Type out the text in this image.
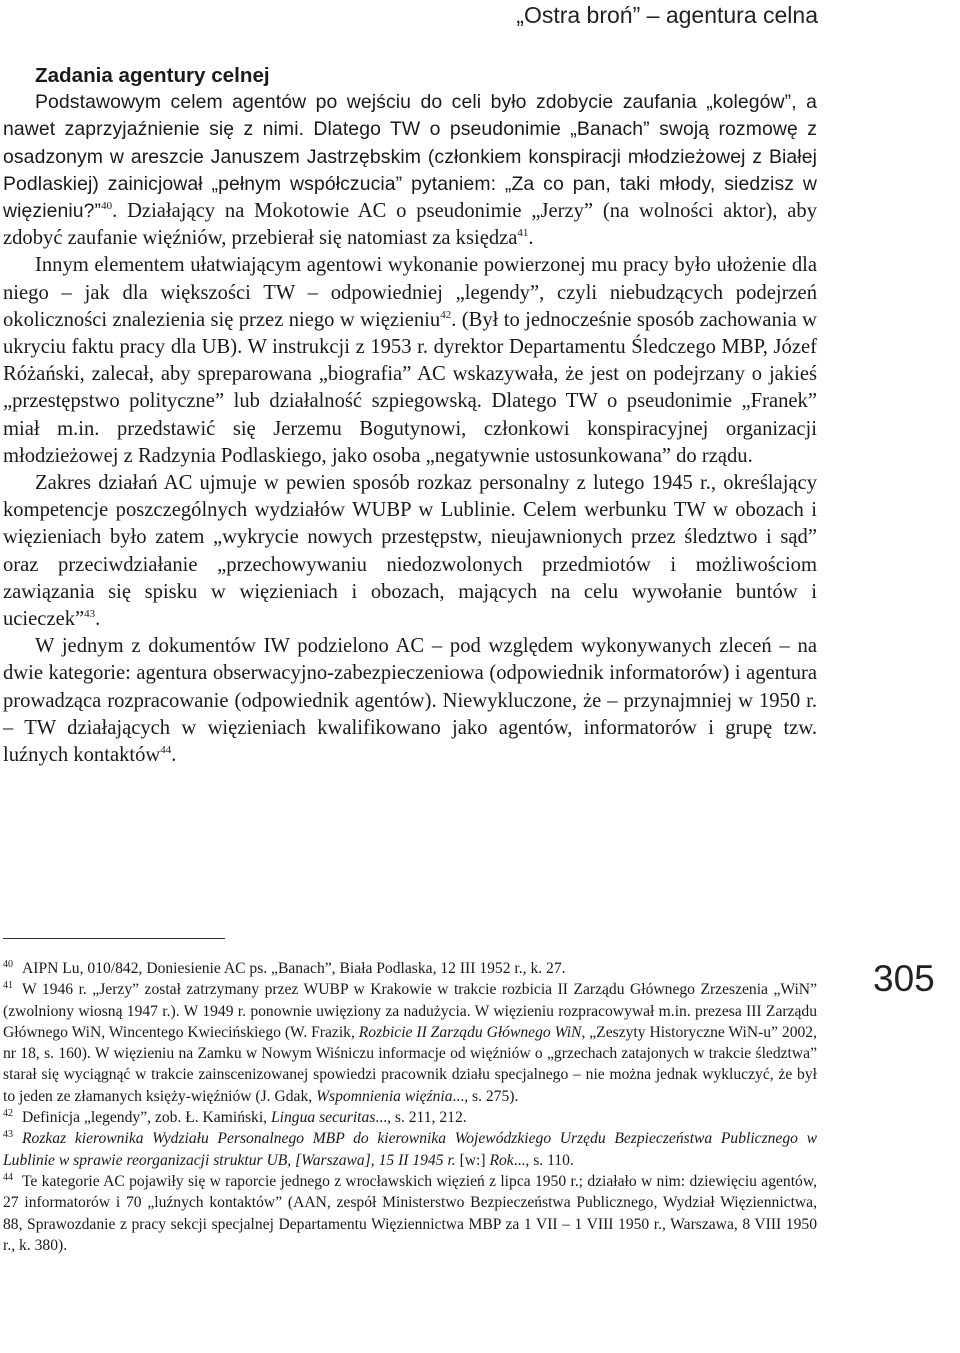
„Ostra broń” – agentura celna
Zadania agentury celnej

Podstawowym celem agentów po wejściu do celi było zdobycie zaufania „kolegów”, a nawet zaprzyjaźnienie się z nimi. Dlatego TW o pseudonimie „Banach” swoją rozmowę z osadzonym w areszcie Januszem Jastrzębskim (członkiem konspiracji młodzieżowej z Białej Podlaskiej) zainicjował „pełnym współczucia” pytaniem: „Za co pan, taki młody, siedzisz w więzieniu?”$^{40}$. Działający na Mokotowie AC o pseudonimie „Jerzy” (na wolności aktor), aby zdobyć zaufanie więźniów, przebierał się natomiast za księdza$^{41}$.

Innym elementem ułatwiającym agentowi wykonanie powierzonej mu pracy było ułożenie dla niego – jak dla większości TW – odpowiedniej „legendy”, czyli niebudzących podejrzeń okoliczności znalezienia się przez niego w więzieniu$^{42}$. (Był to jednocześnie sposób zachowania w ukryciu faktu pracy dla UB). W instrukcji z 1953 r. dyrektor Departamentu Śledczego MBP, Józef Różański, zalecał, aby spreparowana „biografia” AC wskazywała, że jest on podejrzany o jakieś „przestępstwo polityczne” lub działalność szpiegowską. Dlatego TW o pseudonimie „Franek” miał m.in. przedstawić się Jerzemu Bogutynowi, członkowi konspiracyjnej organizacji młodzieżowej z Radzynia Podlaskiego, jako osoba „negatywnie ustosunkowana” do rządu.

Zakres działań AC ujmuje w pewien sposób rozkaz personalny z lutego 1945 r., określający kompetencje poszczególnych wydziałów WUBP w Lublinie. Celem werbunku TW w obozach i więzieniach było zatem „wykrycie nowych przestępstw, nieujawnionych przez śledztwo i sąd” oraz przeciwdziałanie „przechowywaniu niedozwolonych przedmiotów i możliwościom zawiązania się spisku w więzieniach i obozach, mających na celu wywołanie buntów i ucieczek”$^{43}$.

W jednym z dokumentów IW podzielono AC – pod względem wykonywanych zleceń – na dwie kategorie: agentura obserwacyjno-zabezpieczeniowa (odpowiednik informatorów) i agentura prowadząca rozpracowanie (odpowiednik agentów). Niewykluczone, że – przynajmniej w 1950 r. – TW działających w więzieniach kwalifikowano jako agentów, informatorów i grupę tzw. luźnych kontaktów$^{44}$.

$^{40}$ AIPN Lu, 010/842, Doniesienie AC ps. „Banach”, Biała Podlaska, 12 III 1952 r., k. 27.

$^{41}$ W 1946 r. „Jerzy” został zatrzymany przez WUBP w Krakowie w trakcie rozbicia II Zarządu Głównego Zrzeszenia „WiN” (zwolniony wiosną 1947 r.). W 1949 r. ponownie uwięziony za nadużycia. W więzieniu rozpracowywał m.in. prezesa III Zarządu Głównego WiN, Wincentego Kwiecińskiego (W. Frazik, Rozbicie II Zarządu Głównego WiN, „Zeszyty Historyczne WiN-u” 2002, nr 18, s. 160). W więzieniu na Zamku w Nowym Wiśniczu informacje od więźniów o „grzechach zatajonych w trakcie śledztwa” starał się wyciągnąć w trakcie zainscenizowanej spowiedzi pracownik działu specjalnego – nie można jednak wykluczyć, że był to jeden ze złamanych księży-więźniów (J. Gdak, Wspomnienia więźnia..., s. 275).

$^{42}$ Definicja „legendy”, zob. Ł. Kamiński, Lingua securitas..., s. 211, 212.

$^{43}$ Rozkaz kierownika Wydziału Personalnego MBP do kierownika Wojewódzkiego Urzędu Bezpieczeństwa Publicznego w Lublinie w sprawie reorganizacji struktur UB, [Warszawa], 15 II 1945 r. [w:] Rok..., s. 110.

$^{44}$ Te kategorie AC pojawiły się w raporcie jednego z wrocławskich więzień z lipca 1950 r.; działało w nim: dziewięciu agentów, 27 informatorów i 70 „luźnych kontaktów” (AAN, zespół Ministerstwo Bezpieczeństwa Publicznego, Wydział Więziennictwa, 88, Sprawozdanie z pracy sekcji specjalnej Departamentu Więziennictwa MBP za 1 VII – 1 VIII 1950 r., Warszawa, 8 VIII 1950 r., k. 380).

305
